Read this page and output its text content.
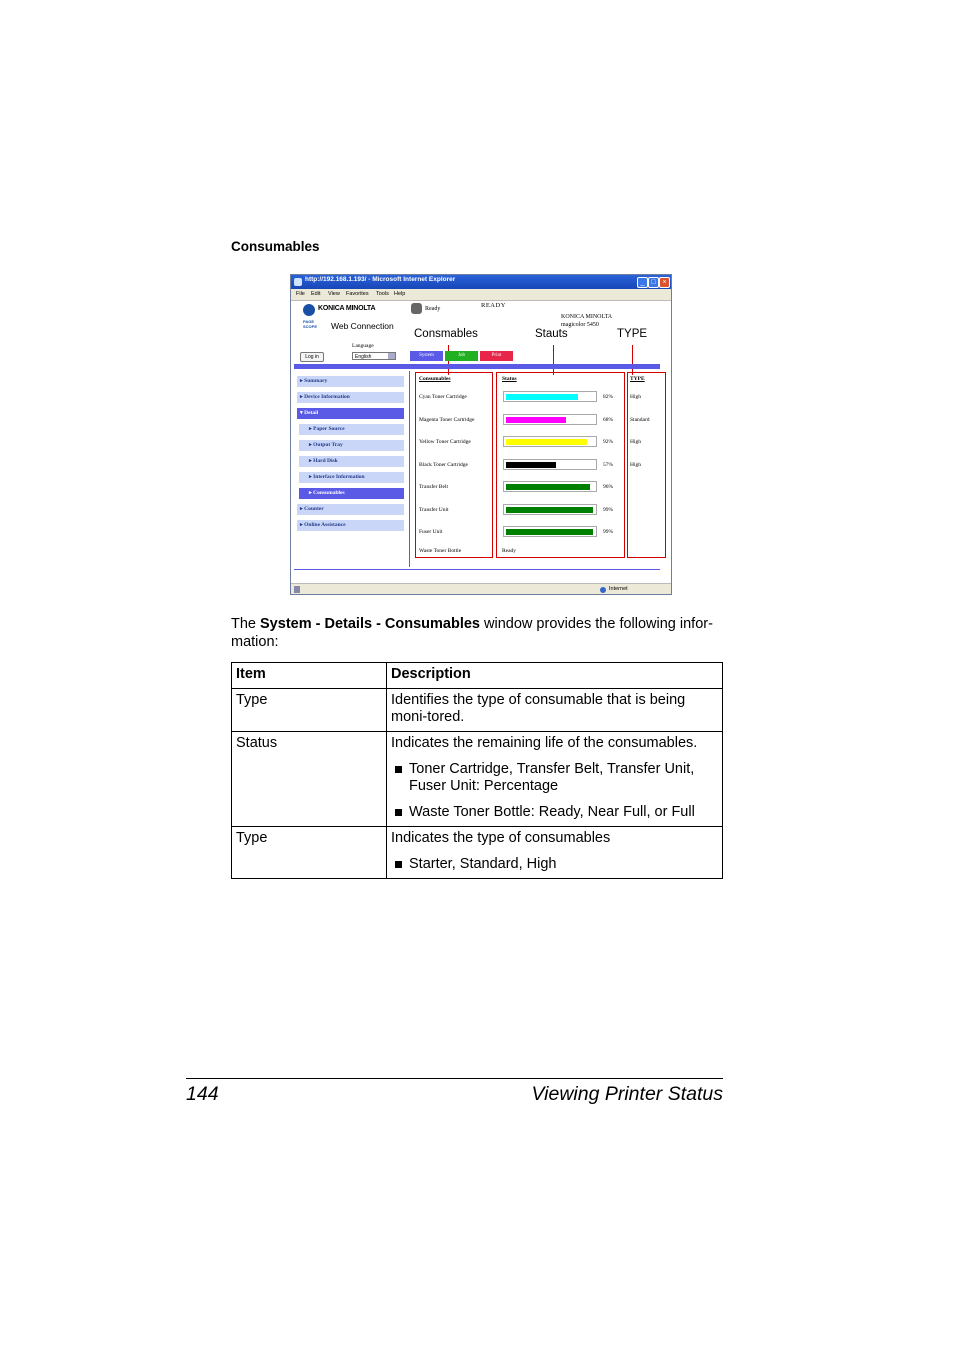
Consumables
http://192.168.1.193/ - Microsoft Internet Explorer	_ □ ×
File Edit View Favorites Tools Help
KONICA MINOLTA
PAGE SCOPE	Web Connection
Ready	READY
KONICA MINOLTA
magicolor 5450
Consmables	Stauts	TYPE
Language
Log in	English	System	Job	Print
▸ Summary
▸ Device Information
▾ Detail
▸ Paper Source
▸ Output Tray
▸ Hard Disk
▸ Interface Information
▸ Consumables
▸ Counter
▸ Online Assistance
Consumables	Status	TYPE
Cyan Toner Cartridge	82%	High
Magenta Toner Cartridge	68%	Standard
Yellow Toner Cartridge	92%	High
Black Toner Cartridge	57%	High
Transfer Belt	96%
Transfer Unit	99%
Fuser Unit	99%
Waste Toner Bottle	Ready
Internet
The System - Details - Consumables window provides the following infor-mation:
Item	Description
Type	Identifies the type of consumable that is being moni-tored.

Status	Indicates the remaining life of the consumables.
Toner Cartridge, Transfer Belt, Transfer Unit, Fuser Unit: Percentage
Waste Toner Bottle: Ready, Near Full, or Full

Type	Indicates the type of consumables
Starter, Standard, High
144	Viewing Printer Status
